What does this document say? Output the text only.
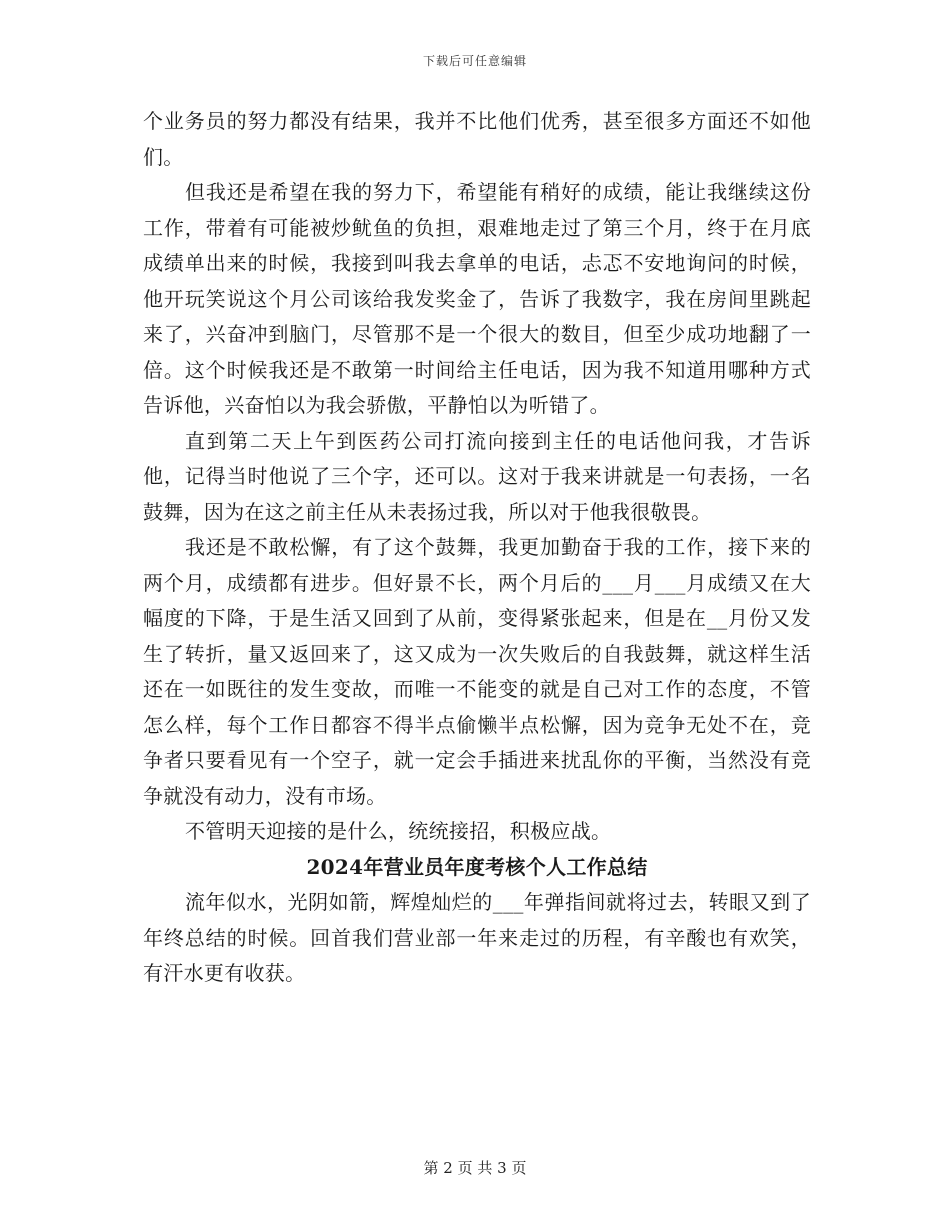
下载后可任意编辑

个业务员的努力都没有结果，我并不比他们优秀，甚至很多方面还不如他们。

但我还是希望在我的努力下，希望能有稍好的成绩，能让我继续这份工作，带着有可能被炒鱿鱼的负担，艰难地走过了第三个月，终于在月底成绩单出来的时候，我接到叫我去拿单的电话，忐忑不安地询问的时候，他开玩笑说这个月公司该给我发奖金了，告诉了我数字，我在房间里跳起来了，兴奋冲到脑门，尽管那不是一个很大的数目，但至少成功地翻了一倍。这个时候我还是不敢第一时间给主任电话，因为我不知道用哪种方式告诉他，兴奋怕以为我会骄傲，平静怕以为听错了。

直到第二天上午到医药公司打流向接到主任的电话他问我，才告诉他，记得当时他说了三个字，还可以。这对于我来讲就是一句表扬，一名鼓舞，因为在这之前主任从未表扬过我，所以对于他我很敬畏。

我还是不敢松懈，有了这个鼓舞，我更加勤奋于我的工作，接下来的两个月，成绩都有进步。但好景不长，两个月后的___月___月成绩又在大幅度的下降，于是生活又回到了从前，变得紧张起来，但是在__月份又发生了转折，量又返回来了，这又成为一次失败后的自我鼓舞，就这样生活还在一如既往的发生变故，而唯一不能变的就是自己对工作的态度，不管怎么样，每个工作日都容不得半点偷懒半点松懈，因为竞争无处不在，竞争者只要看见有一个空子，就一定会手插进来扰乱你的平衡，当然没有竞争就没有动力，没有市场。

不管明天迎接的是什么，统统接招，积极应战。

2024年营业员年度考核个人工作总结

流年似水，光阴如箭，辉煌灿烂的___年弹指间就将过去，转眼又到了年终总结的时候。回首我们营业部一年来走过的历程，有辛酸也有欢笑，有汗水更有收获。

第 2 页 共 3 页
